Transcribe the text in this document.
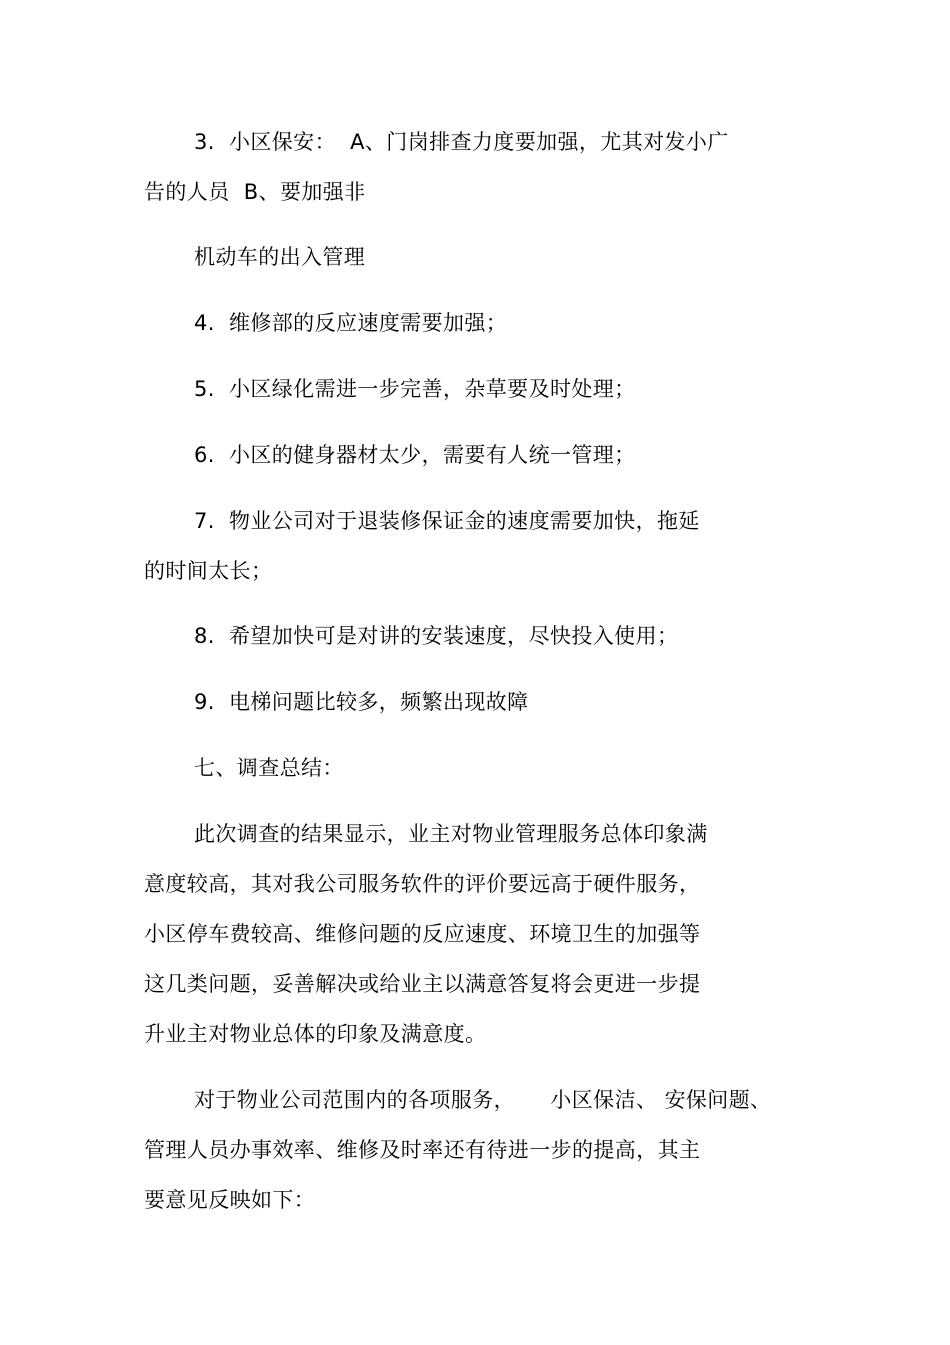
3.  小区保安：  A、门岗排查力度要加强，尤其对发小广
告的人员  B、要加强非
机动车的出入管理
4.  维修部的反应速度需要加强；
5.  小区绿化需进一步完善，杂草要及时处理；
6.  小区的健身器材太少，需要有人统一管理；
7.  物业公司对于退装修保证金的速度需要加快，拖延
的时间太长；
8.  希望加快可是对讲的安装速度，尽快投入使用；
9.  电梯问题比较多，频繁出现故障
七、调查总结：
此次调查的结果显示，业主对物业管理服务总体印象满
意度较高，其对我公司服务软件的评价要远高于硬件服务，
小区停车费较高、维修问题的反应速度、环境卫生的加强等
这几类问题，妥善解决或给业主以满意答复将会更进一步提
升业主对物业总体的印象及满意度。
对于物业公司范围内的各项服务，     小区保洁、 安保问题、
管理人员办事效率、维修及时率还有待进一步的提高，其主
要意见反映如下：
